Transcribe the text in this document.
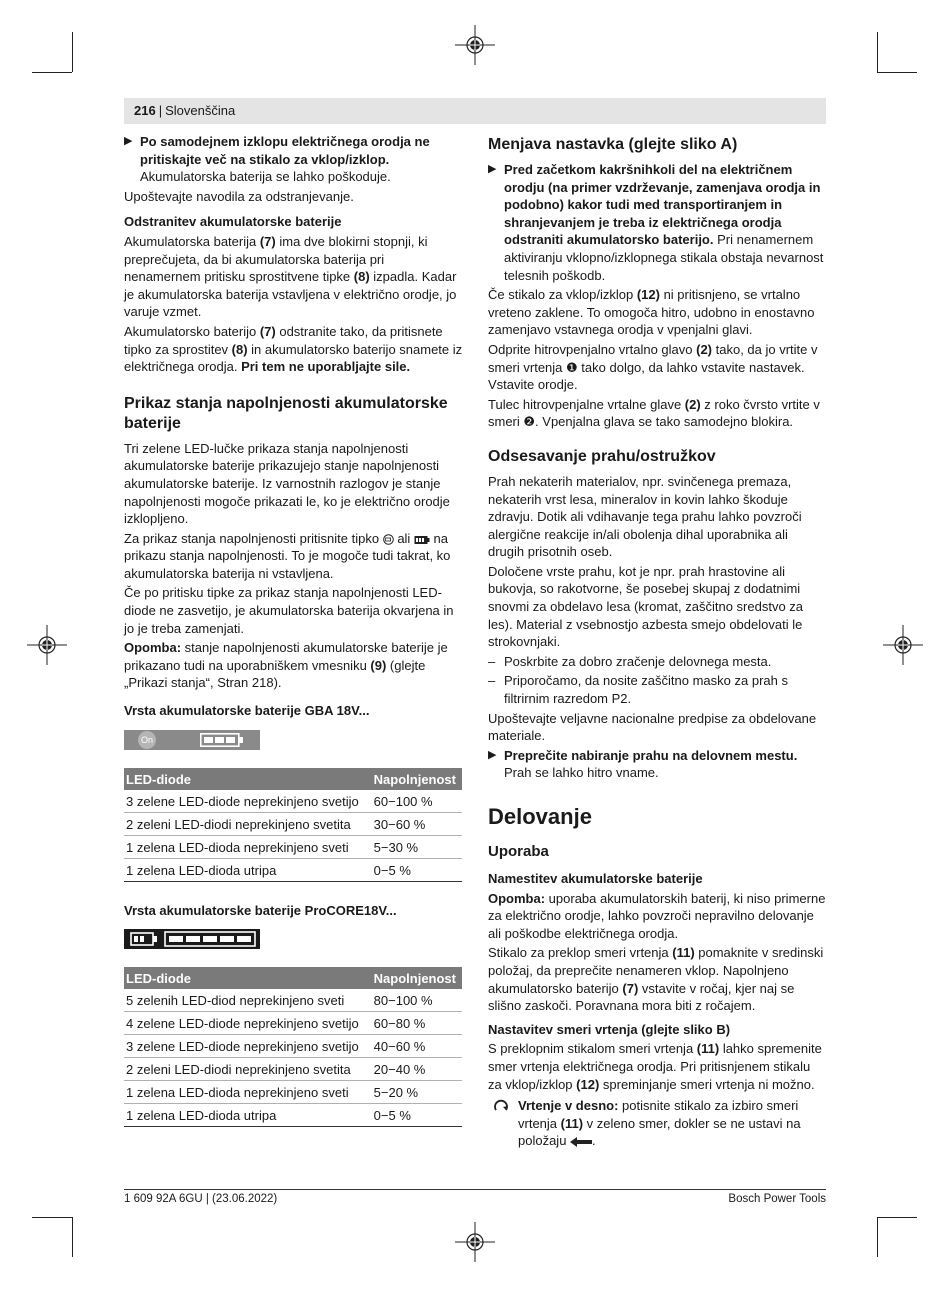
216 | Slovenščina
▶ Po samodejnem izklopu električnega orodja ne pritiskajte več na stikalo za vklop/izklop. Akumulatorska baterija se lahko poškoduje.

Upoštevajte navodila za odstranjevanje.

Odstranitev akumulatorske baterije

Akumulatorska baterija (7) ima dve blokirni stopnji, ki preprečujeta, da bi akumulatorska baterija pri nenamernem pritisku sprostitvene tipke (8) izpadla. Kadar je akumulatorska baterija vstavljena v električno orodje, jo varuje vzmet.

Akumulatorsko baterijo (7) odstranite tako, da pritisnete tipko za sprostitev (8) in akumulatorsko baterijo snamete iz električnega orodja. Pri tem ne uporabljajte sile.

Prikaz stanja napolnjenosti akumulatorske baterije

Tri zelene LED-lučke prikaza stanja napolnjenosti akumulatorske baterije prikazujejo stanje napolnjenosti akumulatorske baterije. Iz varnostnih razlogov je stanje napolnjenosti mogoče prikazati le, ko je električno orodje izklopljeno.

Za prikaz stanja napolnjenosti pritisnite tipko  ali  na prikazu stanja napolnjenosti. To je mogoče tudi takrat, ko akumulatorska baterija ni vstavljena.

Če po pritisku tipke za prikaz stanja napolnjenosti LED-diode ne zasvetijo, je akumulatorska baterija okvarjena in jo je treba zamenjati.

Opomba: stanje napolnjenosti akumulatorske baterije je prikazano tudi na uporabniškem vmesniku (9) (glejte „Prikazi stanja“, Stran 218).

Vrsta akumulatorske baterije GBA 18V...
On
LED-diode	Napolnjenost
3 zelene LED-diode neprekinjeno svetijo	60−100 %
2 zeleni LED-diodi neprekinjeno svetita	30−60 %
1 zelena LED-dioda neprekinjeno sveti	5−30 %
1 zelena LED-dioda utripa	0−5 %
Vrsta akumulatorske baterije ProCORE18V...
LED-diode	Napolnjenost
5 zelenih LED-diod neprekinjeno sveti	80−100 %
4 zelene LED-diode neprekinjeno svetijo	60−80 %
3 zelene LED-diode neprekinjeno svetijo	40−60 %
2 zeleni LED-diodi neprekinjeno svetita	20−40 %
1 zelena LED-dioda neprekinjeno sveti	5−20 %
1 zelena LED-dioda utripa	0−5 %
Menjava nastavka (glejte sliko A)
▶ Pred začetkom kakršnihkoli del na električnem orodju (na primer vzdrževanje, zamenjava orodja in podobno) kakor tudi med transportiranjem in shranjevanjem je treba iz električnega orodja odstraniti akumulatorsko baterijo. Pri nenamernem aktiviranju vklopno/izklopnega stikala obstaja nevarnost telesnih poškodb.

Če stikalo za vklop/izklop (12) ni pritisnjeno, se vrtalno vreteno zaklene. To omogoča hitro, udobno in enostavno zamenjavo vstavnega orodja v vpenjalni glavi.

Odprite hitrovpenjalno vrtalno glavo (2) tako, da jo vrtite v smeri vrtenja ❶ tako dolgo, da lahko vstavite nastavek. Vstavite orodje.

Tulec hitrovpenjalne vrtalne glave (2) z roko čvrsto vrtite v smeri ❷. Vpenjalna glava se tako samodejno blokira.

Odsesavanje prahu/ostružkov

Prah nekaterih materialov, npr. svinčenega premaza, nekaterih vrst lesa, mineralov in kovin lahko škoduje zdravju. Dotik ali vdihavanje tega prahu lahko povzroči alergične reakcije in/ali obolenja dihal uporabnika ali drugih prisotnih oseb.

Določene vrste prahu, kot je npr. prah hrastovine ali bukovja, so rakotvorne, še posebej skupaj z dodatnimi snovmi za obdelavo lesa (kromat, zaščitno sredstvo za les). Material z vsebnostjo azbesta smejo obdelovati le strokovnjaki.

– Poskrbite za dobro zračenje delovnega mesta.
– Priporočamo, da nosite zaščitno masko za prah s filtrirnim razredom P2.

Upoštevajte veljavne nacionalne predpise za obdelovane materiale.

▶ Preprečite nabiranje prahu na delovnem mestu. Prah se lahko hitro vname.
Delovanje
Uporaba
Namestitev akumulatorske baterije

Opomba: uporaba akumulatorskih baterij, ki niso primerne za električno orodje, lahko povzroči nepravilno delovanje ali poškodbe električnega orodja.

Stikalo za preklop smeri vrtenja (11) pomaknite v sredinski položaj, da preprečite nenameren vklop. Napolnjeno akumulatorsko baterijo (7) vstavite v ročaj, kjer naj se slišno zaskoči. Poravnana mora biti z ročajem.

Nastavitev smeri vrtenja (glejte sliko B)

S preklopnim stikalom smeri vrtenja (11) lahko spremenite smer vrtenja električnega orodja. Pri pritisnjenem stikalu za vklop/izklop (12) spreminjanje smeri vrtenja ni možno.

Vrtenje v desno: potisnite stikalo za izbiro smeri vrtenja (11) v zeleno smer, dokler se ne ustavi na položaju .
1 609 92A 6GU | (23.06.2022)	Bosch Power Tools
